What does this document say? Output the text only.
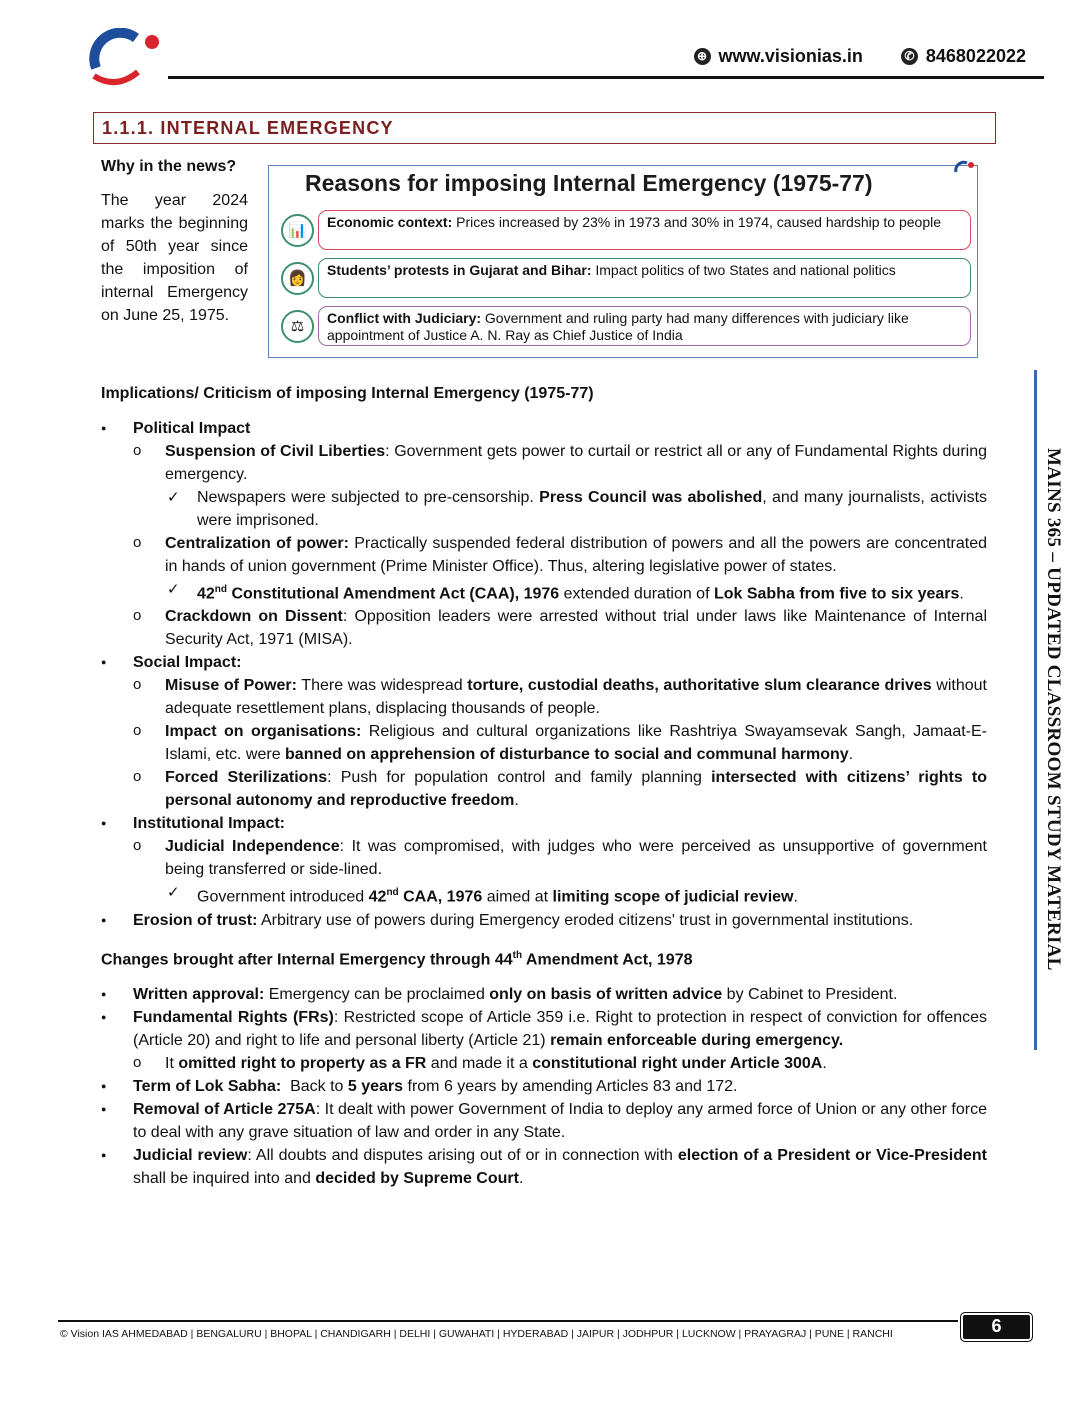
⊕ www.visionias.in	✆ 8468022022
1.1.1. INTERNAL EMERGENCY
Why in the news?
The year 2024 marks the beginning of 50th year since the imposition of internal Emergency on June 25, 1975.
Reasons for imposing Internal Emergency (1975-77)
📊	Economic context: Prices increased by 23% in 1973 and 30% in 1974, caused hardship to people
👩	Students’ protests in Gujarat and Bihar: Impact politics of two States and national politics
⚖	Conflict with Judiciary: Government and ruling party had many differences with judiciary like appointment of Justice A. N. Ray as Chief Justice of India

Implications/ Criticism of imposing Internal Emergency (1975-77)

● Political Impact
o Suspension of Civil Liberties: Government gets power to curtail or restrict all or any of Fundamental Rights during emergency.
✓ Newspapers were subjected to pre-censorship. Press Council was abolished, and many journalists, activists were imprisoned.
o Centralization of power: Practically suspended federal distribution of powers and all the powers are concentrated in hands of union government (Prime Minister Office). Thus, altering legislative power of states.
✓ 42nd Constitutional Amendment Act (CAA), 1976 extended duration of Lok Sabha from five to six years.
o Crackdown on Dissent: Opposition leaders were arrested without trial under laws like Maintenance of Internal Security Act, 1971 (MISA).
● Social Impact:
o Misuse of Power: There was widespread torture, custodial deaths, authoritative slum clearance drives without adequate resettlement plans, displacing thousands of people.
o Impact on organisations: Religious and cultural organizations like Rashtriya Swayamsevak Sangh, Jamaat-E-Islami, etc. were banned on apprehension of disturbance to social and communal harmony.
o Forced Sterilizations: Push for population control and family planning intersected with citizens’ rights to personal autonomy and reproductive freedom.
● Institutional Impact:
o Judicial Independence: It was compromised, with judges who were perceived as unsupportive of government being transferred or side-lined.
✓ Government introduced 42nd CAA, 1976 aimed at limiting scope of judicial review.
● Erosion of trust: Arbitrary use of powers during Emergency eroded citizens' trust in governmental institutions.

Changes brought after Internal Emergency through 44th Amendment Act, 1978

● Written approval: Emergency can be proclaimed only on basis of written advice by Cabinet to President.
● Fundamental Rights (FRs): Restricted scope of Article 359 i.e. Right to protection in respect of conviction for offences (Article 20) and right to life and personal liberty (Article 21) remain enforceable during emergency.
o It omitted right to property as a FR and made it a constitutional right under Article 300A.
● Term of Lok Sabha:  Back to 5 years from 6 years by amending Articles 83 and 172.
● Removal of Article 275A: It dealt with power Government of India to deploy any armed force of Union or any other force to deal with any grave situation of law and order in any State.
● Judicial review: All doubts and disputes arising out of or in connection with election of a President or Vice-President shall be inquired into and decided by Supreme Court.
MAINS 365 – UPDATED CLASSROOM STUDY MATERIAL
© Vision IAS AHMEDABAD | BENGALURU | BHOPAL | CHANDIGARH | DELHI | GUWAHATI | HYDERABAD | JAIPUR | JODHPUR | LUCKNOW | PRAYAGRAJ | PUNE | RANCHI	6
